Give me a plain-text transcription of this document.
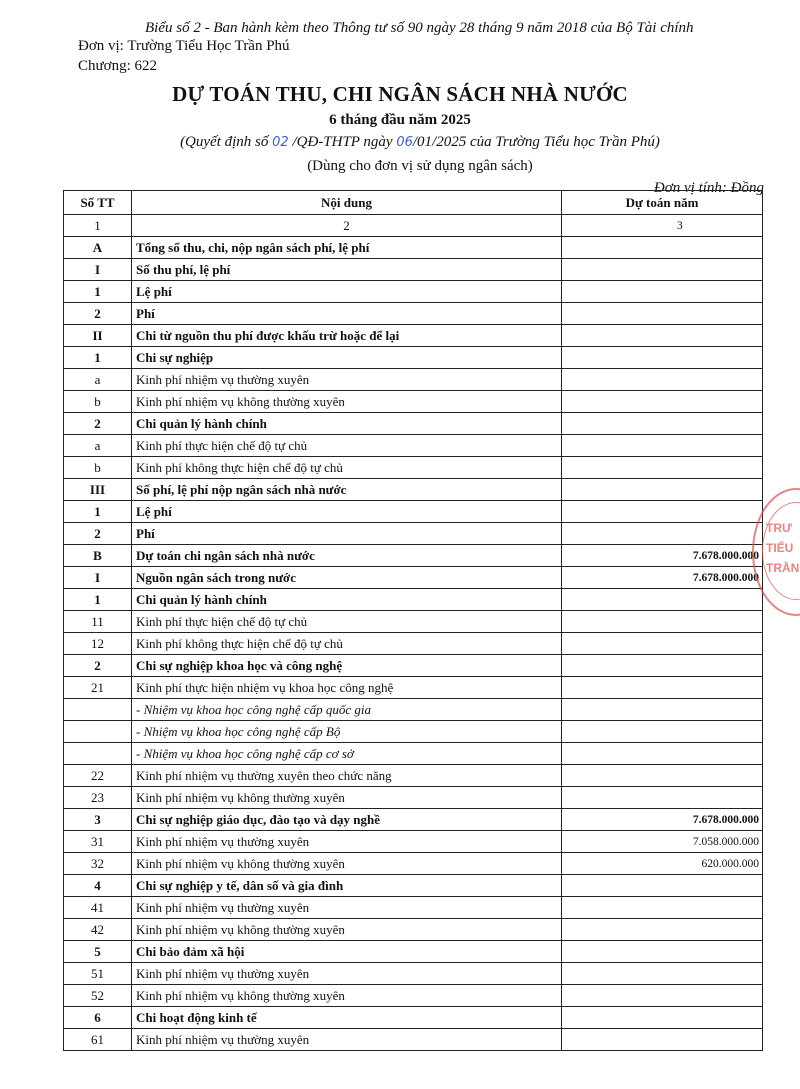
Biểu số 2 - Ban hành kèm theo Thông tư số 90 ngày 28 tháng 9 năm 2018 của Bộ Tài chính
Đơn vị: Trường Tiểu Học Trần Phú
Chương: 622
DỰ TOÁN THU, CHI NGÂN SÁCH NHÀ NƯỚC
6 tháng đầu năm 2025
(Quyết định số 02 /QĐ-THTP ngày 06/01/2025 của Trường Tiểu học Trần Phú)
(Dùng cho đơn vị sử dụng ngân sách)
Đơn vị tính: Đồng
Số TT	Nội dung	Dự toán năm
1	2	3
A	Tổng số thu, chi, nộp ngân sách phí, lệ phí	
I	Số thu phí, lệ phí	
1	Lệ phí	
2	Phí	
II	Chi từ nguồn thu phí được khấu trừ hoặc để lại	
1	Chi sự nghiệp	
a	Kinh phí nhiệm vụ thường xuyên	
b	Kinh phí nhiệm vụ không thường xuyên	
2	Chi quản lý hành chính	
a	Kinh phí thực hiện chế độ tự chủ	
b	Kinh phí không thực hiện chế độ tự chủ	
III	Số phí, lệ phí nộp ngân sách nhà nước	
1	Lệ phí	
2	Phí	
B	Dự toán chi ngân sách nhà nước	7.678.000.000
I	Nguồn ngân sách trong nước	7.678.000.000
1	Chi quản lý hành chính	
11	Kinh phí thực hiện chế độ tự chủ	
12	Kinh phí không thực hiện chế độ tự chủ	
2	Chi sự nghiệp khoa học và công nghệ	
21	Kinh phí thực hiện nhiệm vụ khoa học công nghệ	
	- Nhiệm vụ khoa học công nghệ cấp quốc gia	
	- Nhiệm vụ khoa học công nghệ cấp Bộ	
	- Nhiệm vụ khoa học công nghệ cấp cơ sở	
22	Kinh phí nhiệm vụ thường xuyên theo chức năng	
23	Kinh phí nhiệm vụ không thường xuyên	
3	Chi sự nghiệp giáo dục, đào tạo và dạy nghề	7.678.000.000
31	Kinh phí nhiệm vụ thường xuyên	7.058.000.000
32	Kinh phí nhiệm vụ không thường xuyên	620.000.000
4	Chi sự nghiệp y tế, dân số và gia đình	
41	Kinh phí nhiệm vụ thường xuyên	
42	Kinh phí nhiệm vụ không thường xuyên	
5	Chi bảo đảm xã hội	
51	Kinh phí nhiệm vụ thường xuyên	
52	Kinh phí nhiệm vụ không thường xuyên	
6	Chi hoạt động kinh tế	
61	Kinh phí nhiệm vụ thường xuyên	
TRƯ
TIỂU
TRẦN
